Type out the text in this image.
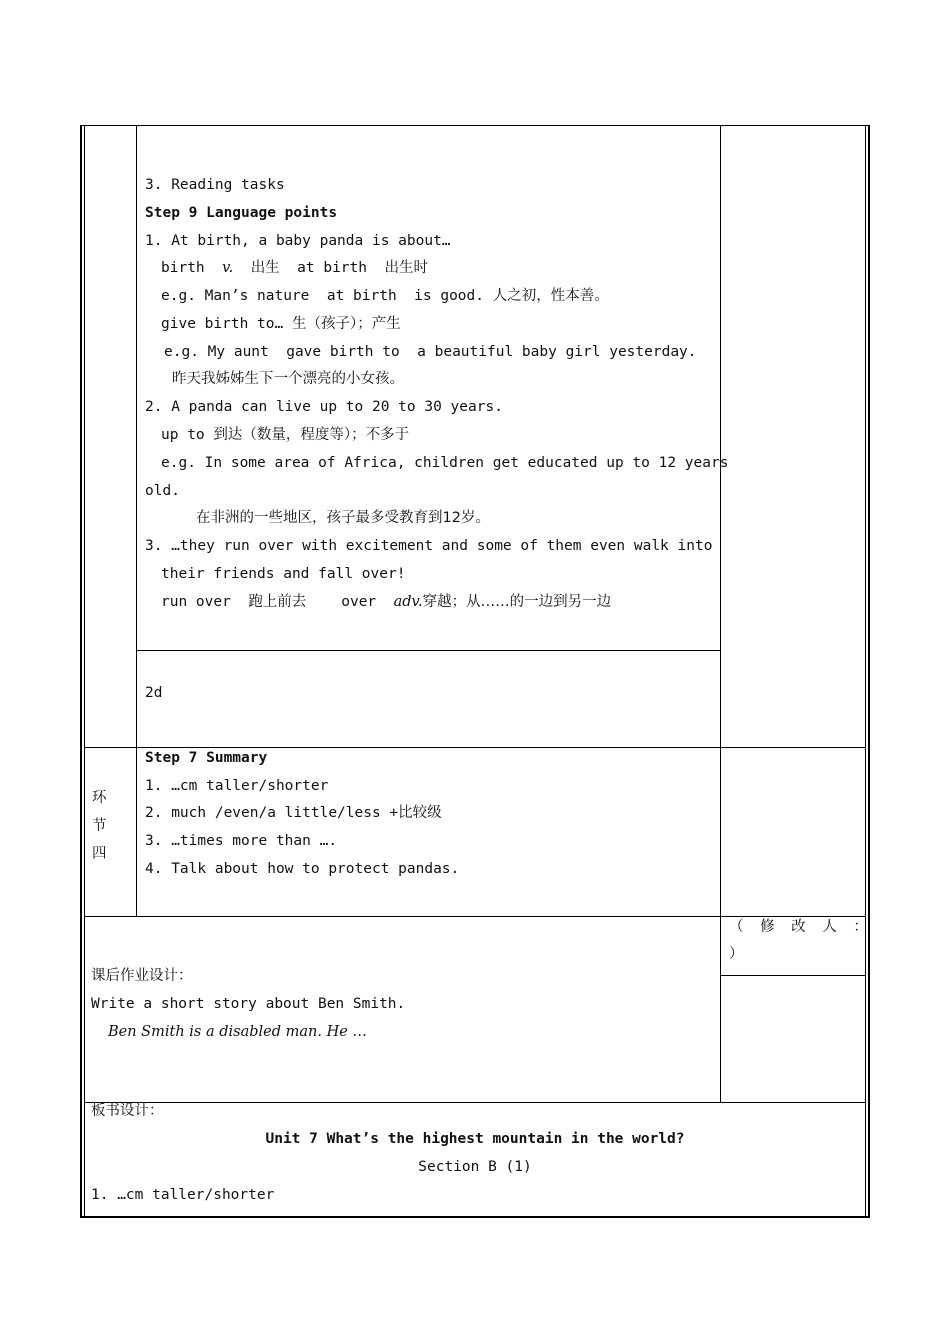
3. Reading tasks
Step 9 Language points
1. At birth, a baby panda is about…
birth v. 出生 at birth 出生时
e.g. Man’s nature  at birth  is good. 人之初，性本善。
give birth to… 生（孩子）；产生
e.g. My aunt  gave birth to  a beautiful baby girl yesterday.
昨天我姊姊生下一个漂亮的小女孩。
2. A panda can live up to 20 to 30 years.
up to 到达（数量，程度等）；不多于
e.g. In some area of Africa, children get educated up to 12 years
old.
在非洲的一些地区，孩子最多受教育到12岁。
3. …they run over with excitement and some of them even walk into
their friends and fall over!
run over 跑上前去 over adv.穿越；从……的一边到另一边
2d
环
节
四
Step 7 Summary
1. …cm taller/shorter
2. much /even/a little/less +比较级
3. …times more than ….
4. Talk about how to protect pandas.
（ 修 改 人 ：
）
课后作业设计：
Write a short story about Ben Smith.
Ben Smith is a disabled man. He …
板书设计：
Unit 7 What’s the highest mountain in the world?
Section B (1)
1. …cm taller/shorter
